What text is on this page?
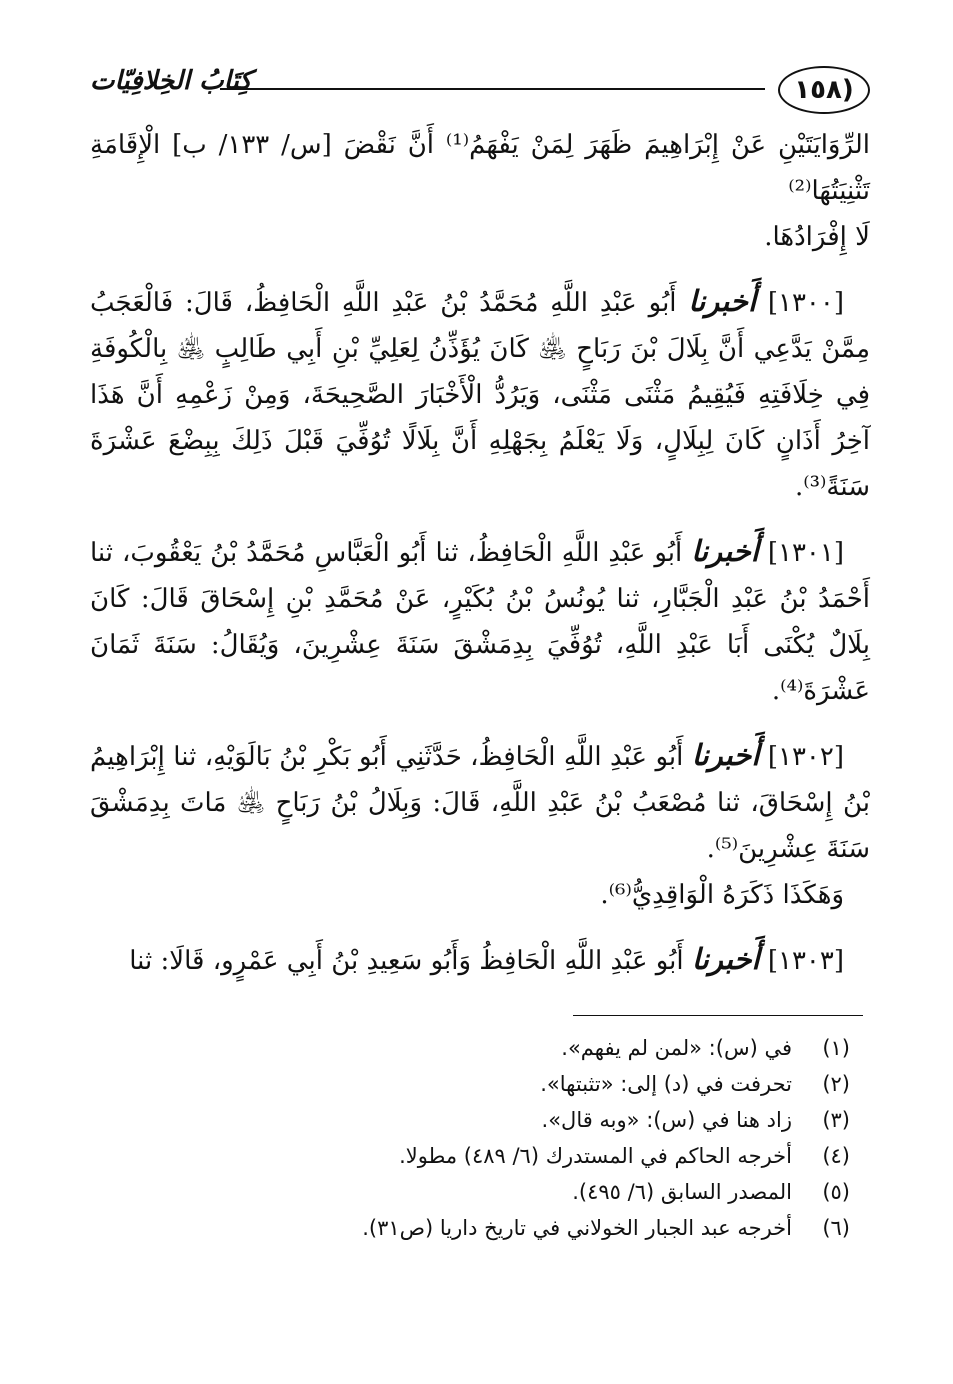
(١٥٨
كِتَابُ الخِلافِيّات

الرِّوَايَتَيْنِ عَنْ إِبْرَاهِيمَ ظَهَرَ لِمَنْ يَفْهَمُ⁽¹⁾ أَنَّ نَقْضَ [س/ ١٣٣/ ب] الْإِقَامَةِ تَثْنِيَتُهَا⁽²⁾
لَا إِفْرَادُهَا.

[١٣٠٠] أَخبرنا أَبُو عَبْدِ اللَّهِ مُحَمَّدُ بْنُ عَبْدِ اللَّهِ الْحَافِظُ، قَالَ: فَالْعَجَبُ مِمَّنْ يَدَّعِي أَنَّ بِلَالَ بْنَ رَبَاحٍ ﵁ كَانَ يُؤَذِّنُ لِعَلِيِّ بْنِ أَبِي طَالِبٍ ﵁ بِالْكُوفَةِ فِي خِلَافَتِهِ فَيُقِيمُ مَثْنَى مَثْنَى، وَيَرُدُّ الْأَخْبَارَ الصَّحِيحَةَ، وَمِنْ زَعْمِهِ أَنَّ هَذَا آخِرُ أَذَانٍ كَانَ لِبِلَالٍ، وَلَا يَعْلَمُ بِجَهْلِهِ أَنَّ بِلَالًا تُوُفِّيَ قَبْلَ ذَلِكَ بِبِضْعَ عَشْرَةَ سَنَةً⁽³⁾.

[١٣٠١] أَخبرنا أَبُو عَبْدِ اللَّهِ الْحَافِظُ، ثنا أَبُو الْعَبَّاسِ مُحَمَّدُ بْنُ يَعْقُوبَ، ثنا أَحْمَدُ بْنُ عَبْدِ الْجَبَّارِ، ثنا يُونُسُ بْنُ بُكَيْرٍ، عَنْ مُحَمَّدِ بْنِ إِسْحَاقَ قَالَ: كَانَ بِلَالٌ يُكْنَى أَبَا عَبْدِ اللَّهِ، تُوُفِّيَ بِدِمَشْقَ سَنَةَ عِشْرِينَ، وَيُقَالُ: سَنَةَ ثَمَانَ عَشْرَةَ⁽⁴⁾.

[١٣٠٢] أَخبرنا أَبُو عَبْدِ اللَّهِ الْحَافِظُ، حَدَّثَنِي أَبُو بَكْرِ بْنُ بَالَوَيْهِ، ثنا إِبْرَاهِيمُ بْنُ إِسْحَاقَ، ثنا مُصْعَبُ بْنُ عَبْدِ اللَّهِ، قَالَ: وَبِلَالُ بْنُ رَبَاحٍ ﵁ مَاتَ بِدِمَشْقَ سَنَةَ عِشْرِينَ⁽⁵⁾.

وَهَكَذَا ذَكَرَهُ الْوَاقِدِيُّ⁽⁶⁾.

[١٣٠٣] أَخبرنا أَبُو عَبْدِ اللَّهِ الْحَافِظُ وَأَبُو سَعِيدِ بْنُ أَبِي عَمْرٍو، قَالَا: ثنا

(١)
في (س): «لمن لم يفهم».
(٢)
تحرفت في (د) إلى: «تثبتها».
(٣)
زاد هنا في (س): «وبه قال».
(٤)
أخرجه الحاكم في المستدرك (٦/ ٤٨٩) مطولا.
(٥)
المصدر السابق (٦/ ٤٩٥).
(٦)
أخرجه عبد الجبار الخولاني في تاريخ داريا (ص٣١).
